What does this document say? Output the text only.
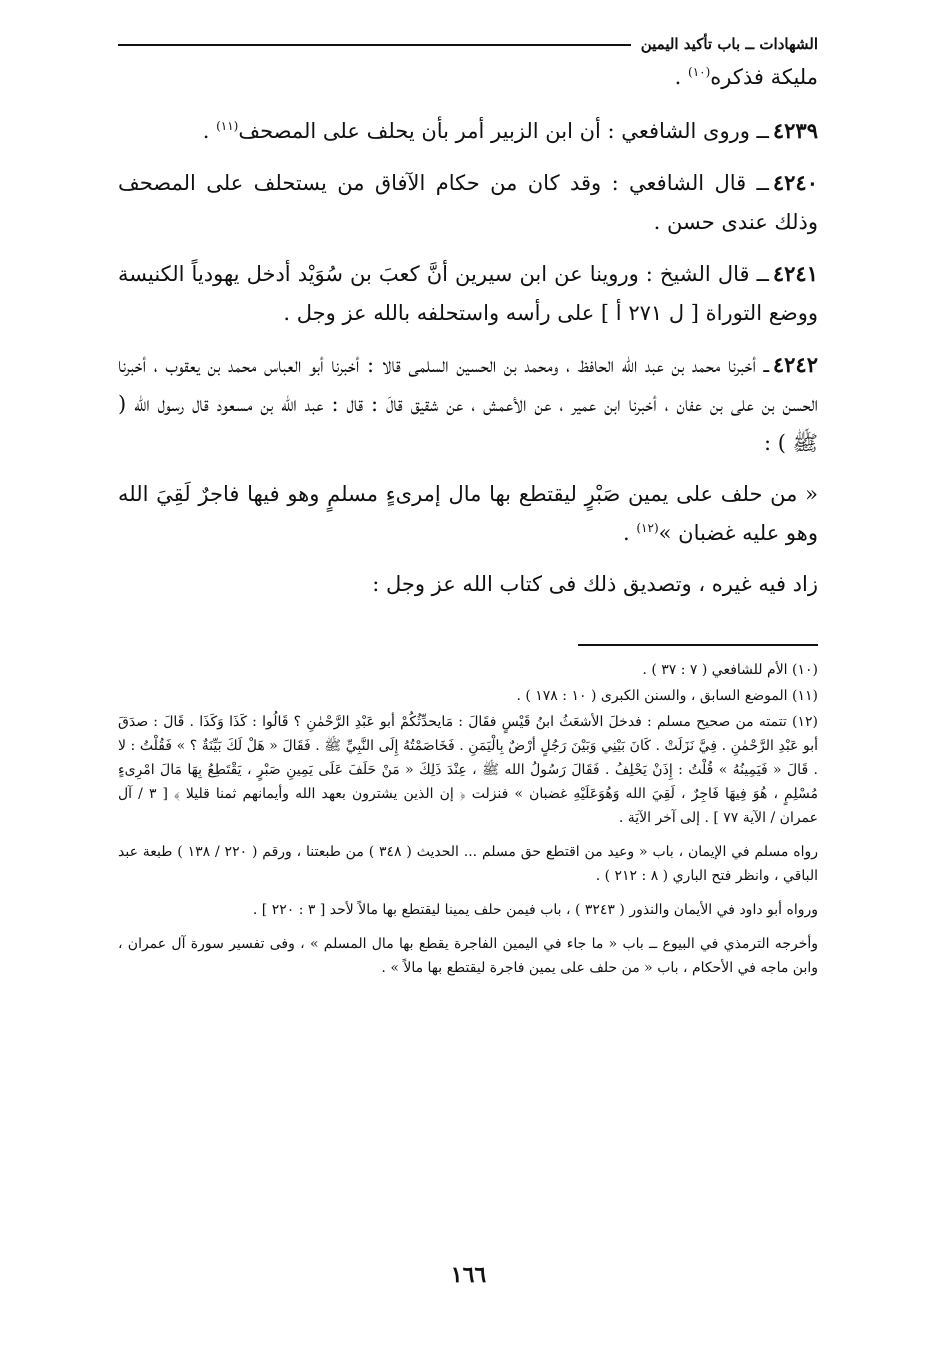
الشهادات ــ باب تأكيد اليمين

مليكة فذكره$^{(١٠)}$ .

٤٢٣٩ــ وروى الشافعي : أن ابن الزبير أمر بأن يحلف على المصحف$^{(١١)}$ .

٤٢٤٠ــ قال الشافعي : وقد كان من حكام الآفاق من يستحلف على المصحف وذلك عندى حسن .

٤٢٤١ــ قال الشيخ : وروينا عن ابن سيرين أنَّ كعبَ بن سُوَيْد أدخل يهودياً الكنيسة ووضع التوراة [ ل ٢٧١ أ ] على رأسه واستحلفه بالله عز وجل .

٤٢٤٢ــ أخبرنا محمد بن عبد الله الحافظ ، ومحمد بن الحسين السلمى قالا : أخبرنا أبو العباس محمد بن يعقوب ، أخبرنا الحسن بن على بن عفان ، أخبرنا ابن عمير ، عن الأعمش ، عن شقيق قالَ : قال : عبد الله بن مسعود قال رسول الله ( ﷺ ) :

« من حلف على يمين صَبْرٍ ليقتطع بها مال إمرىءٍ مسلمٍ وهو فيها فاجرٌ لَقِيَ الله وهو عليه غضبان »$^{(١٢)}$ .

زاد فيه غيره ، وتصديق ذلك فى كتاب الله عز وجل :

(١٠) الأم للشافعي ( ٧ : ٣٧ ) .

(١١) الموضع السابق ، والسنن الكبرى ( ١٠ : ١٧٨ ) .

(١٢) تتمته من صحيح مسلم : فدخلَ الأشعَثُ ابنُ قَيْسٍ فقَالَ : مَايحدِّثُكُمْ أبو عَبْدِ الرَّحْمٰنِ ؟ قَالُوا : كَذَا وَكَذَا . قَالَ : صدَقَ أبو عَبْدِ الرَّحْمٰنِ . فِيَّ نَزَلَتْ . كَانَ بَيْنِي وَبَيْنَ رَجُلٍ أرْضٌ بِالْيَمَنِ . فَخَاصَمْتُهُ إِلَى النَّبِيِّ ﷺ . فَقَالَ « هَلْ لَكَ بَيِّنَةٌ ؟ » فَقُلْتُ : لا . قَالَ « فَيَمِينُهُ » قُلْتُ : إِذَنْ يَحْلِفُ . فَقَالَ رَسُولُ الله ﷺ ، عِنْدَ ذَلِكَ « مَنْ حَلَفَ عَلَى يَمِينِ صَبْرٍ ، يَقْتَطِعُ بِهَا مَالَ امْرِىءٍ مُسْلِمٍ ، هُوَ فِيهَا فَاجِرٌ ، لَقِيَ الله وَهُوَعَلَيْهِ غضبان » فنزلت ﴿ إن الذين يشترون بعهد الله وأيمانهم ثمنا قليلا ﴾ [ ٣ / آل عمران / الآية ٧٧ ] . إلى آخر الآيَة .

رواه مسلم في الإيمان ، باب « وعيد من اقتطع حق مسلم ... الحديث ( ٣٤٨ ) من طبعتنا ، ورقم ( ٢٢٠ / ١٣٨ ) طبعة عبد الباقي ، وانظر فتح الباري ( ٨ : ٢١٢ ) .

ورواه أبو داود في الأيمان والنذور ( ٣٢٤٣ ) ، باب فيمن حلف يمينا ليقتطع بها مالاً لأحد [ ٣ : ٢٢٠ ] .

وأخرجه الترمذي في البيوع ــ باب « ما جاء في اليمين الفاجرة يقطع بها مال المسلم » ، وفى تفسير سورة آل عمران ، وابن ماجه في الأحكام ، باب « من حلف على يمين فاجرة ليقتطع بها مالاً » .

١٦٦
